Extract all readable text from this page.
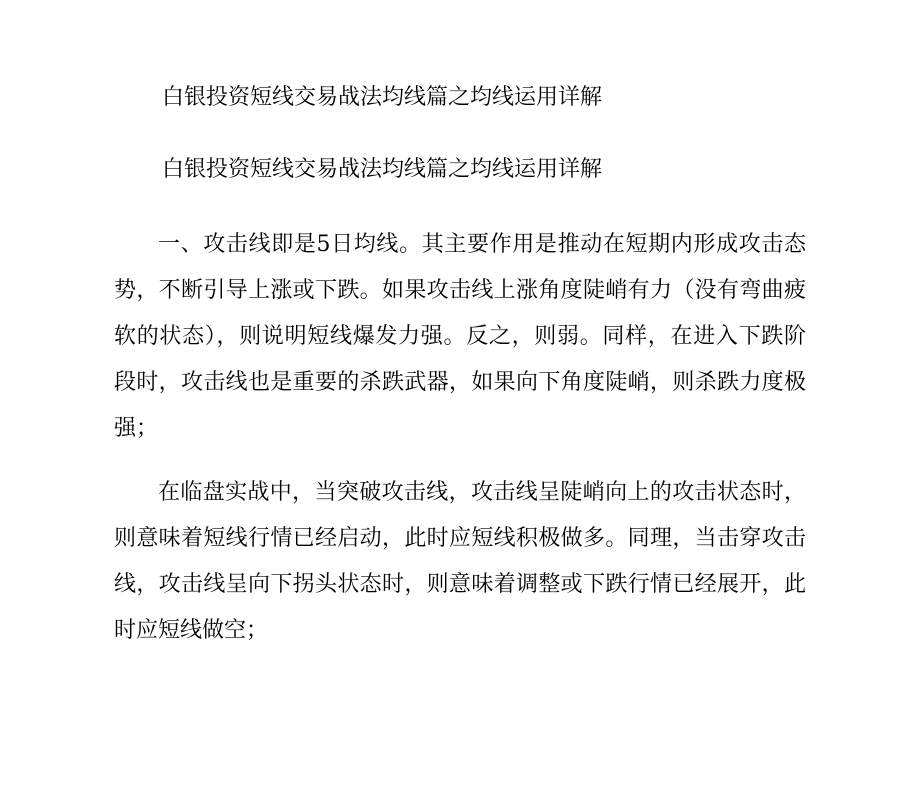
白银投资短线交易战法均线篇之均线运用详解
白银投资短线交易战法均线篇之均线运用详解

一、攻击线即是5日均线。其主要作用是推动在短期内形成攻击态势，不断引导上涨或下跌。如果攻击线上涨角度陡峭有力（没有弯曲疲软的状态），则说明短线爆发力强。反之，则弱。同样，在进入下跌阶段时，攻击线也是重要的杀跌武器，如果向下角度陡峭，则杀跌力度极强；

在临盘实战中，当突破攻击线，攻击线呈陡峭向上的攻击状态时，则意味着短线行情已经启动，此时应短线积极做多。同理，当击穿攻击线，攻击线呈向下拐头状态时，则意味着调整或下跌行情已经展开，此时应短线做空；
